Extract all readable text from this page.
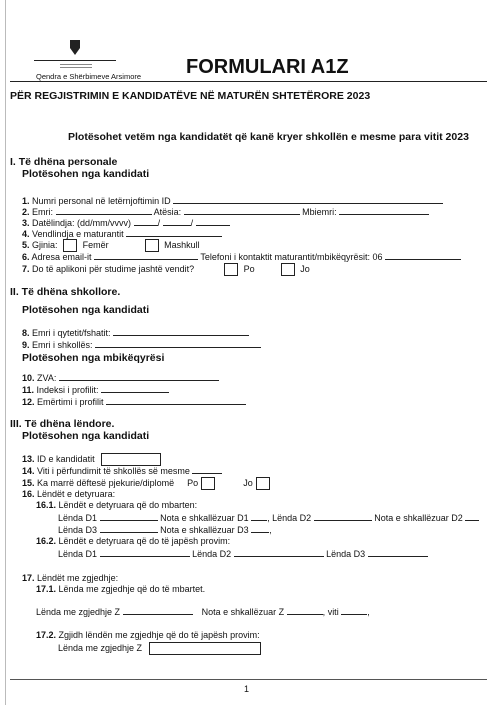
Qendra e Shërbimeve Arsimore FORMULARI A1Z
PËR REGJISTRIMIN E KANDIDATËVE NË MATURËN SHTETËRORE 2023
Plotësohet vetëm nga kandidatët që kanë kryer shkollën e mesme para vitit 2023
I. Të dhëna personale
Plotësohen nga kandidati
1. Numri personal në letërnjoftimin ID
2. Emri:	Atësia:	Mbiemri:
3. Datëlindja: (dd/mm/vvvv)	/	/
4. Vendlindja e maturantit
5. Gjinia:	Femër	Mashkull
6. Adresa email-it	Telefoni i kontaktit maturantit/mbikëqyrësit: 06
7. Do të aplikoni për studime jashtë vendit?	Po	Jo
II. Të dhëna shkollore.
Plotësohen nga kandidati
8. Emri i qytetit/fshatit:
9. Emri i shkollës:
Plotësohen nga mbikëqyrësi
10. ZVA:
11. Indeksi i profilit:
12. Emërtimi i profilit
III. Të dhëna lëndore.
Plotësohen nga kandidati
13. ID e kandidatit
14. Viti i përfundimit të shkollës së mesme
15. Ka marrë dëftesë pjekurie/diplomë Po	Jo
16. Lëndët e detyruara:
16.1. Lëndët e detyruara që do mbarten:
Lënda D1	Nota e shkallëzuar D1 , Lënda D2	Nota e shkallëzuar D2
Lënda D3	Nota e shkallëzuar D3 ,
16.2. Lëndët e detyruara që do të japësh provim:
Lënda D1	Lënda D2	Lënda D3
17. Lëndët me zgjedhje:
17.1. Lënda me zgjedhje që do të mbartet.
Lënda me zgjedhje Z	Nota e shkallëzuar Z	, viti	,
17.2. Zgjidh lëndën me zgjedhje që do të japësh provim:
Lënda me zgjedhje Z
1
